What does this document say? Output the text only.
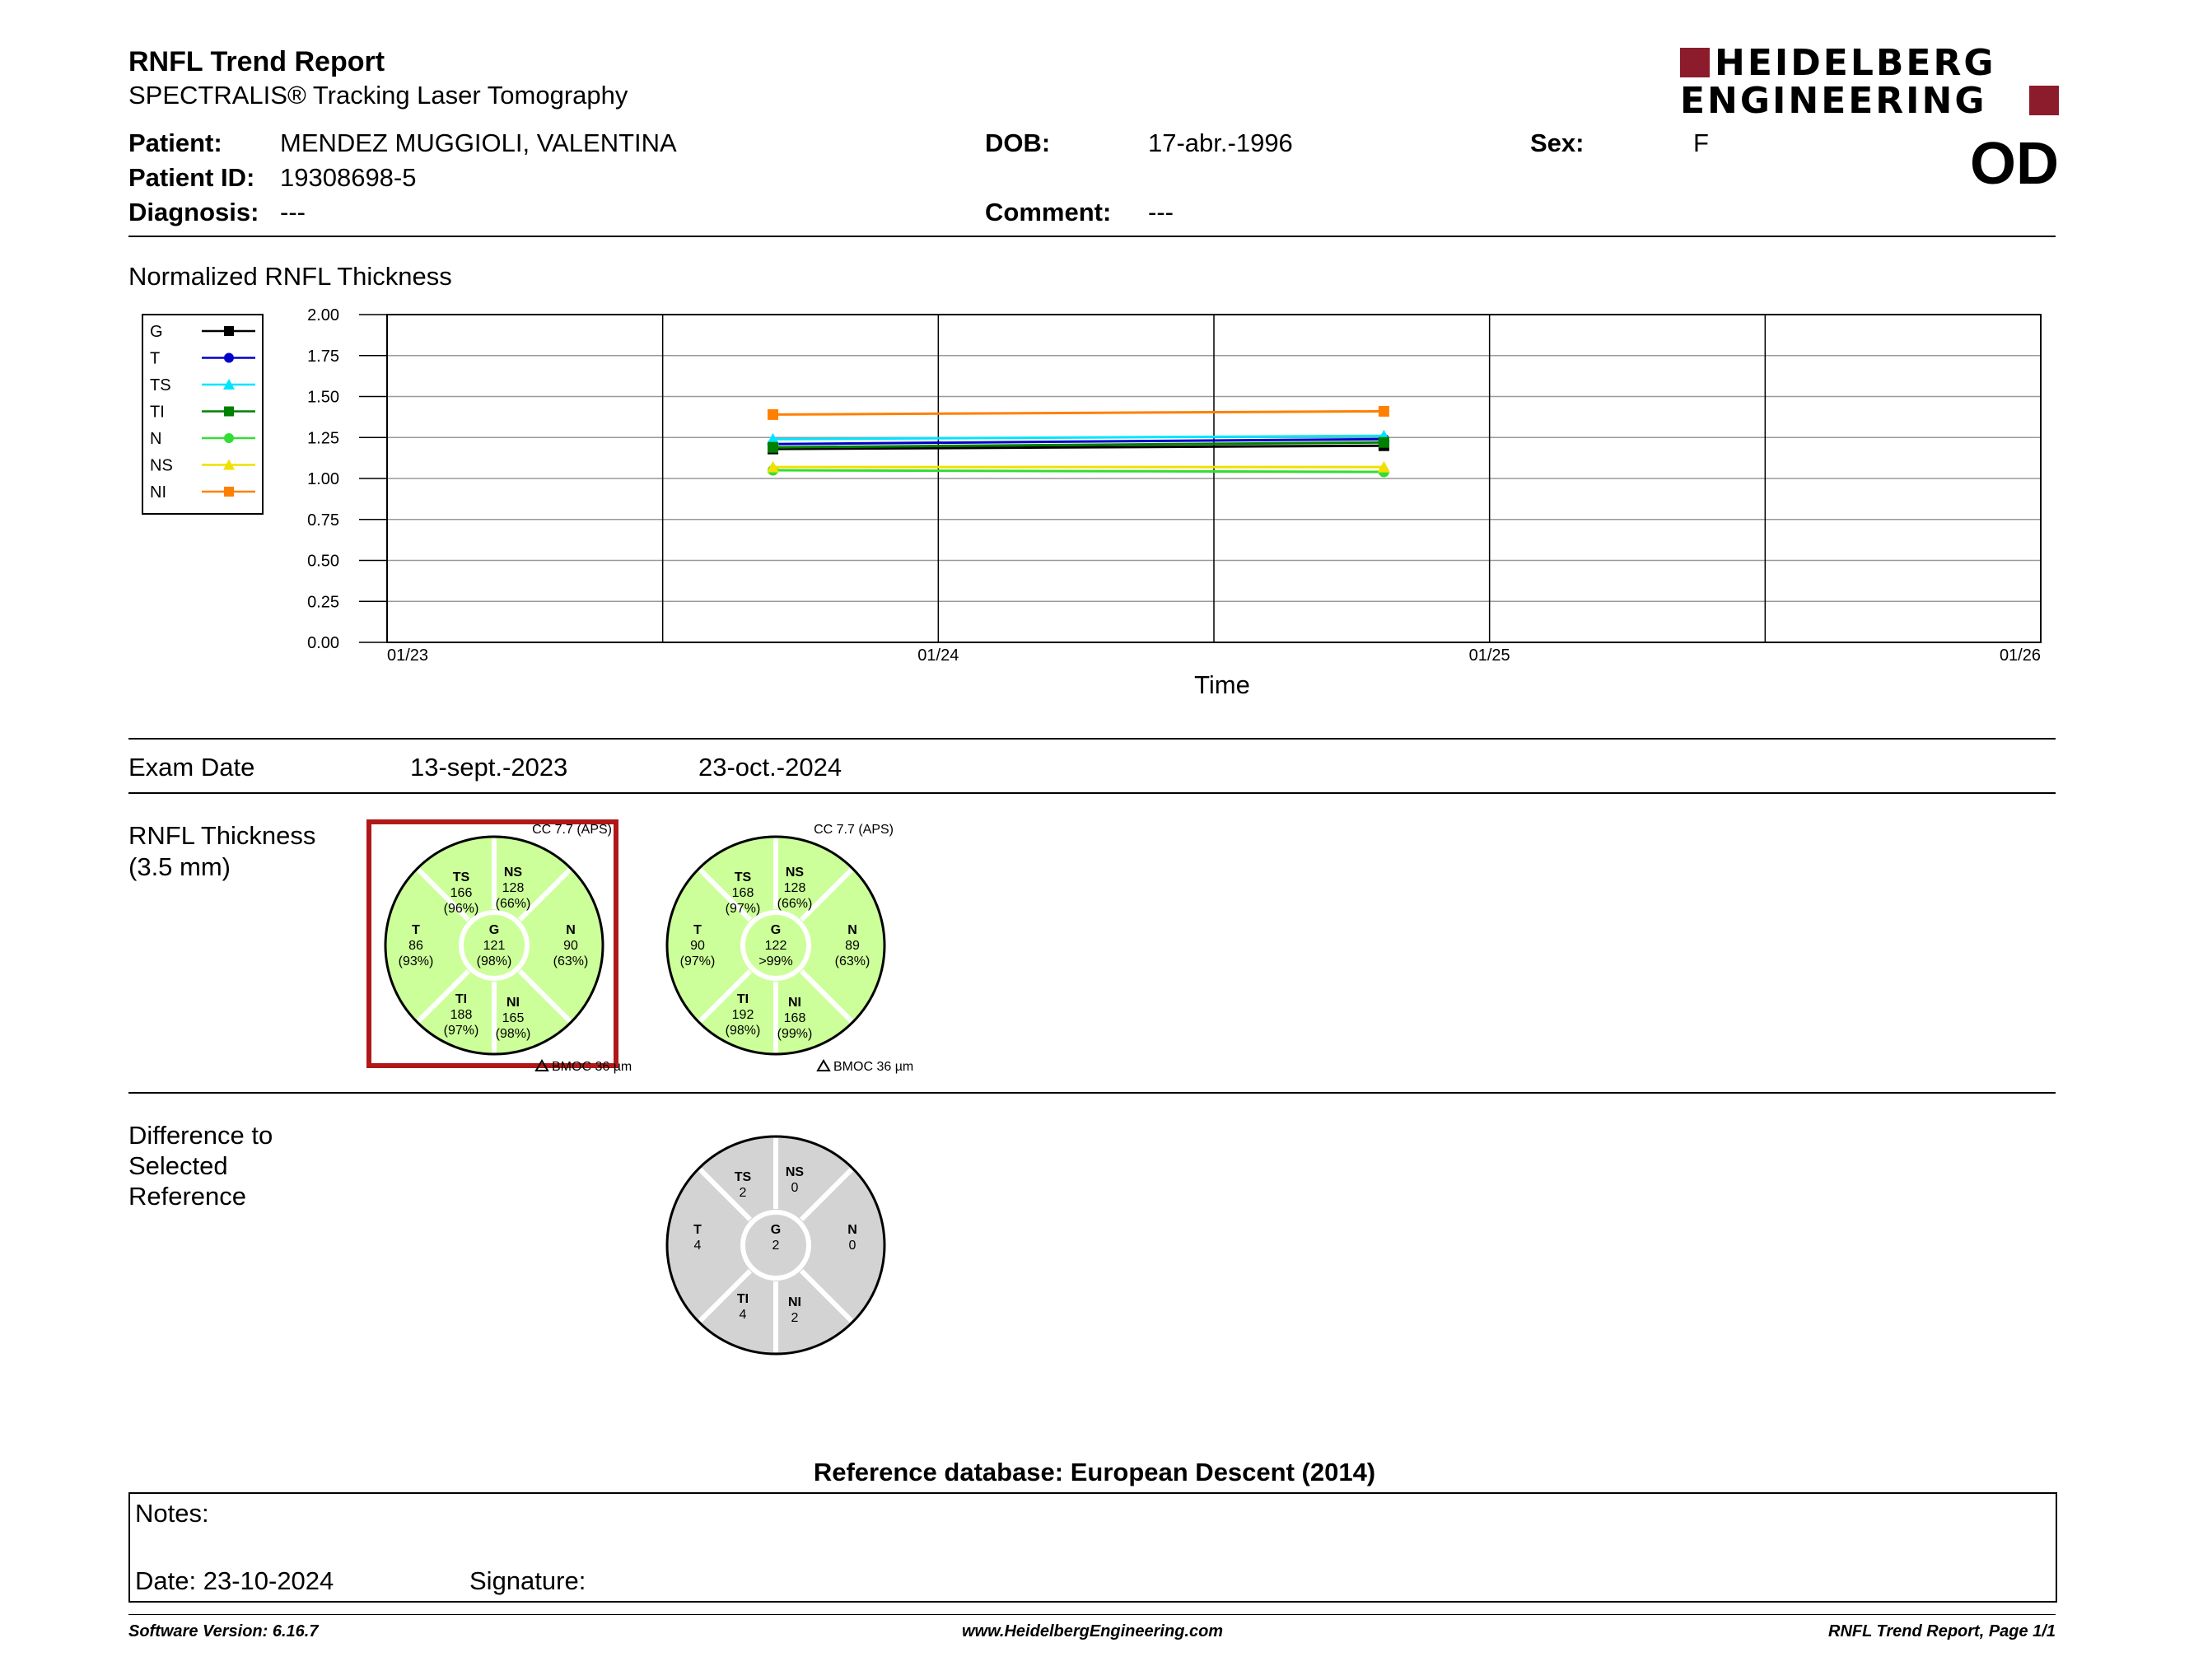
RNFL Trend Report
SPECTRALIS® Tracking Laser Tomography
HEIDELBERG
ENGINEERING
OD
Patient: MENDEZ MUGGIOLI, VALENTINA
Patient ID: 19308698-5
Diagnosis: ---
DOB:	17-abr.-1996
Comment: ---
Sex:	F
Normalized RNFL Thickness
0.00
0.25
0.50
0.75
1.00
1.25
1.50
1.75
2.00
01/23	01/24	01/25	01/26
G
T
TS
TI
N
NS
NI
Time
Exam Date	13-sept.-2023	23-oct.-2024
RNFL Thickness
(3.5 mm)	TS
166
(96%)
NS
128
(66%)
T
86
(93%)
G
121
(98%)
N
90
(63%)
TI
188
(97%)
NI
165
(98%)
CC 7.7 (APS)
BMOC 36 µm
TS
168
(97%)
NS
128
(66%)
T
90
(97%)
G
122
>99%
N
89
(63%)
TI
192
(98%)
NI
168
(99%)
CC 7.7 (APS)
BMOC 36 µm
Difference to
Selected
Reference
TS
2
NS
0
T
4
G
2
N
0
TI
4
NI
2
Reference database: European Descent (2014)
Notes:
Date: 23-10-2024	Signature:
Software Version: 6.16.7	www.HeidelbergEngineering.com	RNFL Trend Report, Page 1/1
